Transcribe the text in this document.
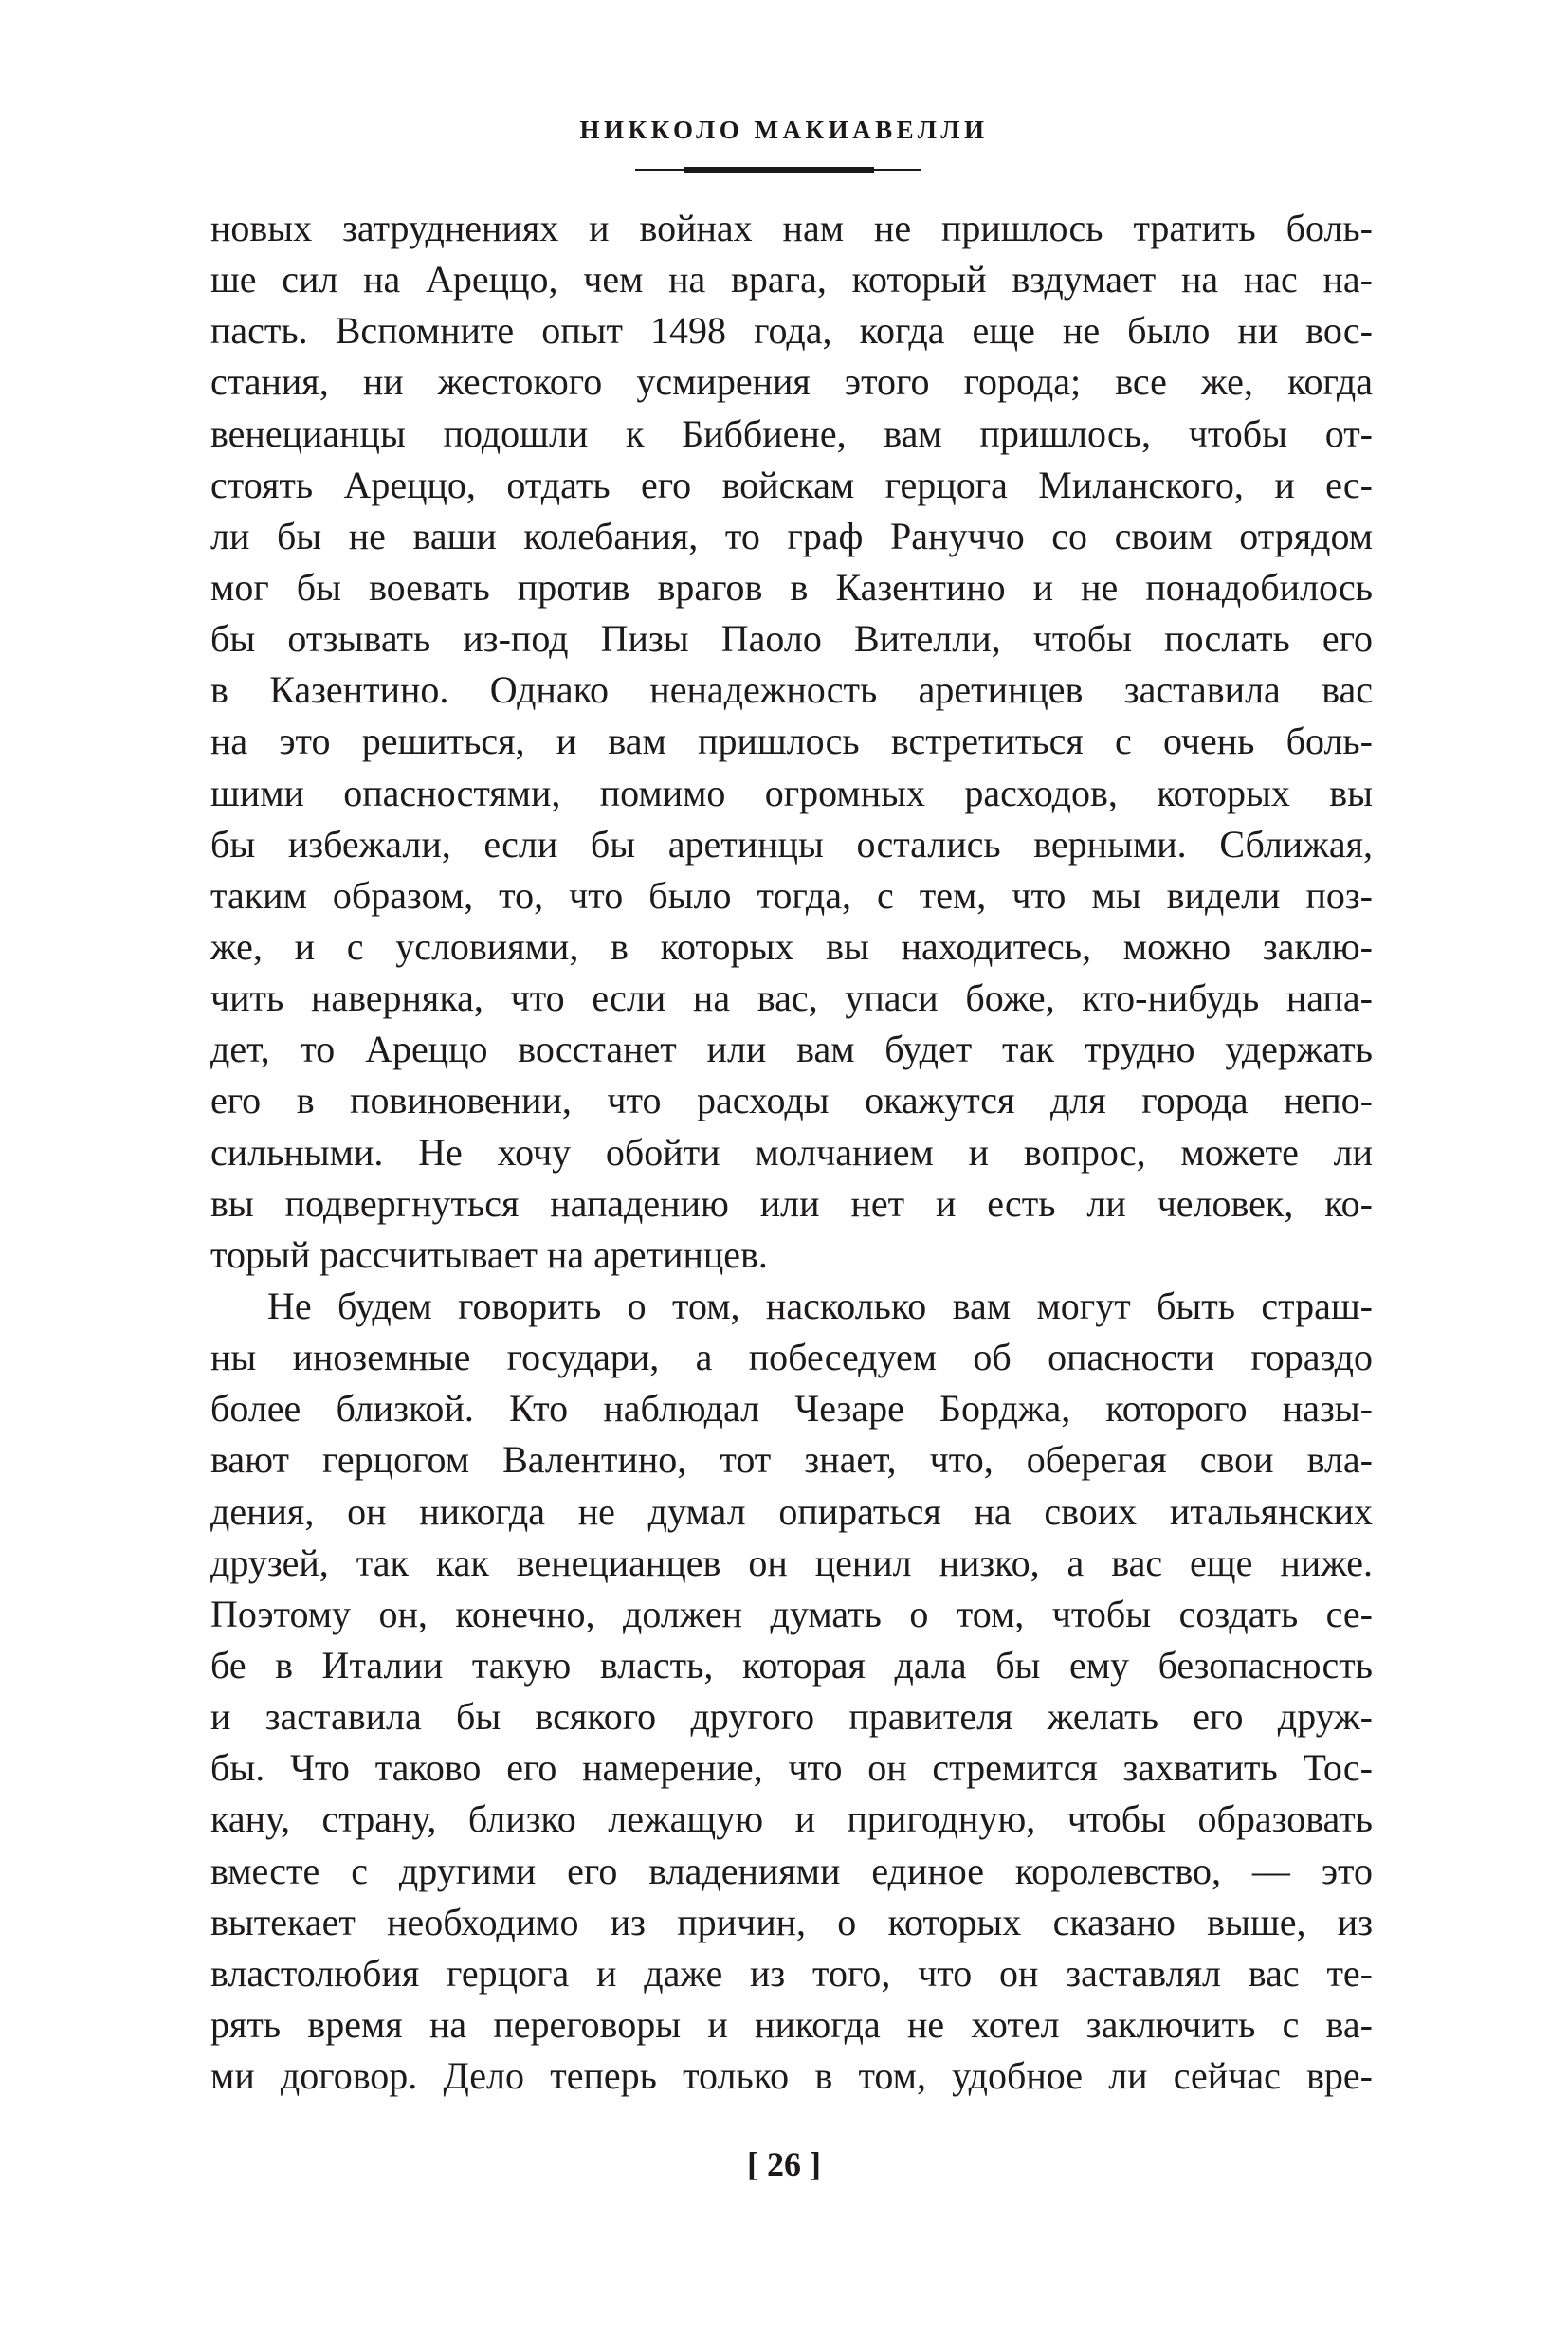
НИККОЛО МАКИАВЕЛЛИ
новых затруднениях и войнах нам не пришлось тратить боль-
ше сил на Ареццо, чем на врага, который вздумает на нас на-
пасть. Вспомните опыт 1498 года, когда еще не было ни вос-
стания, ни жестокого усмирения этого города; все же, когда
венецианцы подошли к Биббиене, вам пришлось, чтобы от-
стоять Ареццо, отдать его войскам герцога Миланского, и ес-
ли бы не ваши колебания, то граф Рануччо со своим отрядом
мог бы воевать против врагов в Казентино и не понадобилось
бы отзывать из-под Пизы Паоло Вителли, чтобы послать его
в Казентино. Однако ненадежность аретинцев заставила вас
на это решиться, и вам пришлось встретиться с очень боль-
шими опасностями, помимо огромных расходов, которых вы
бы избежали, если бы аретинцы остались верными. Сближая,
таким образом, то, что было тогда, с тем, что мы видели поз-
же, и с условиями, в которых вы находитесь, можно заклю-
чить наверняка, что если на вас, упаси боже, кто-нибудь напа-
дет, то Ареццо восстанет или вам будет так трудно удержать
его в повиновении, что расходы окажутся для города непо-
сильными. Не хочу обойти молчанием и вопрос, можете ли
вы подвергнуться нападению или нет и есть ли человек, ко-
торый рассчитывает на аретинцев.
Не будем говорить о том, насколько вам могут быть страш-
ны иноземные государи, а побеседуем об опасности гораздо
более близкой. Кто наблюдал Чезаре Борджа, которого назы-
вают герцогом Валентино, тот знает, что, оберегая свои вла-
дения, он никогда не думал опираться на своих итальянских
друзей, так как венецианцев он ценил низко, а вас еще ниже.
Поэтому он, конечно, должен думать о том, чтобы создать се-
бе в Италии такую власть, которая дала бы ему безопасность
и заставила бы всякого другого правителя желать его друж-
бы. Что таково его намерение, что он стремится захватить Тос-
кану, страну, близко лежащую и пригодную, чтобы образовать
вместе с другими его владениями единое королевство, — это
вытекает необходимо из причин, о которых сказано выше, из
властолюбия герцога и даже из того, что он заставлял вас те-
рять время на переговоры и никогда не хотел заключить с ва-
ми договор. Дело теперь только в том, удобное ли сейчас вре-
[ 26 ]
